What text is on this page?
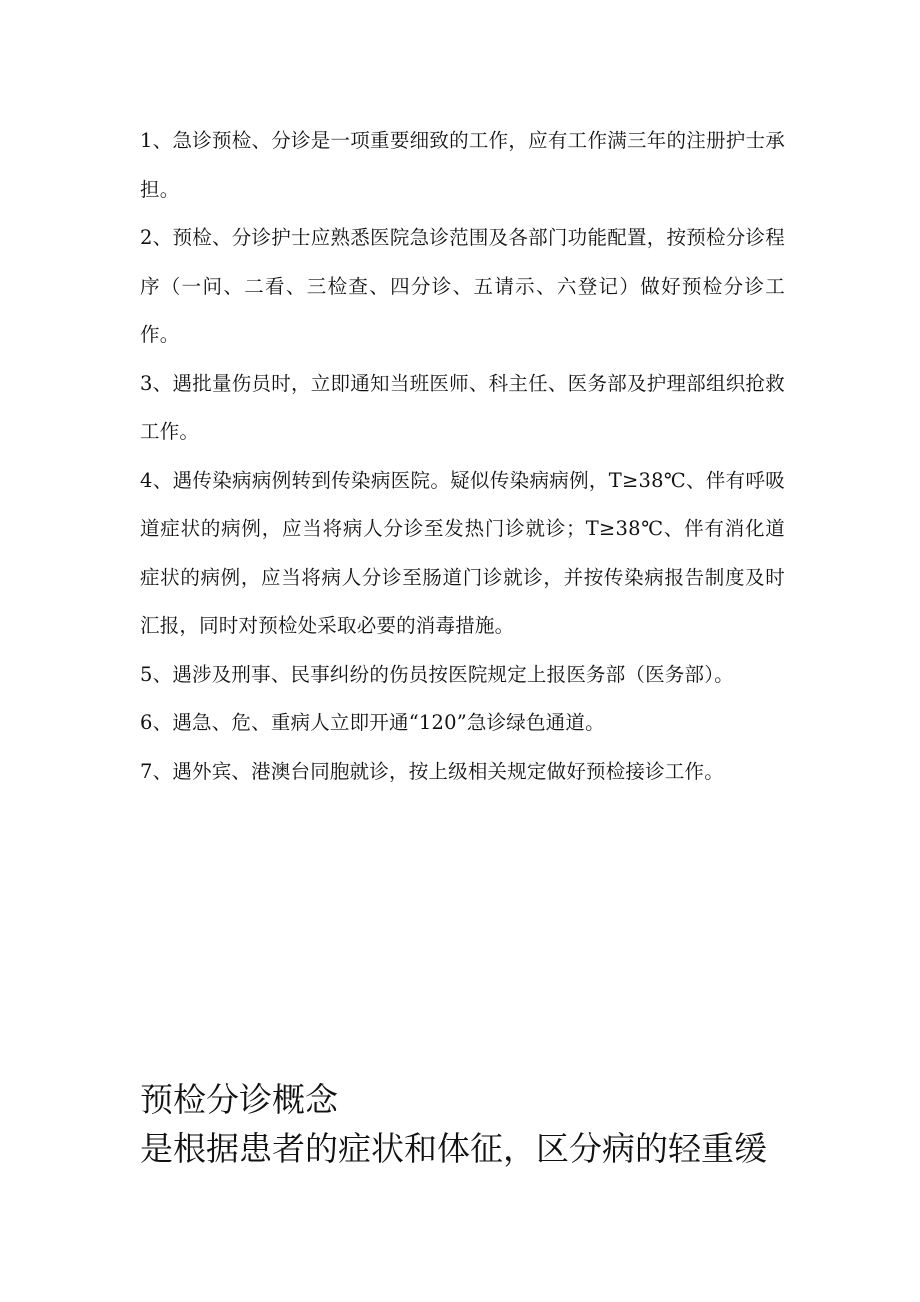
1、急诊预检、分诊是一项重要细致的工作，应有工作满三年的注册护士承担。
2、预检、分诊护士应熟悉医院急诊范围及各部门功能配置，按预检分诊程序（一问、二看、三检查、四分诊、五请示、六登记）做好预检分诊工作。
3、遇批量伤员时，立即通知当班医师、科主任、医务部及护理部组织抢救工作。
4、遇传染病病例转到传染病医院。疑似传染病病例，T≥38℃、伴有呼吸道症状的病例，应当将病人分诊至发热门诊就诊；T≥38℃、伴有消化道症状的病例，应当将病人分诊至肠道门诊就诊，并按传染病报告制度及时汇报，同时对预检处采取必要的消毒措施。
5、遇涉及刑事、民事纠纷的伤员按医院规定上报医务部（医务部）。
6、遇急、危、重病人立即开通“120”急诊绿色通道。
7、遇外宾、港澳台同胞就诊，按上级相关规定做好预检接诊工作。
预检分诊概念

是根据患者的症状和体征，区分病的轻重缓
